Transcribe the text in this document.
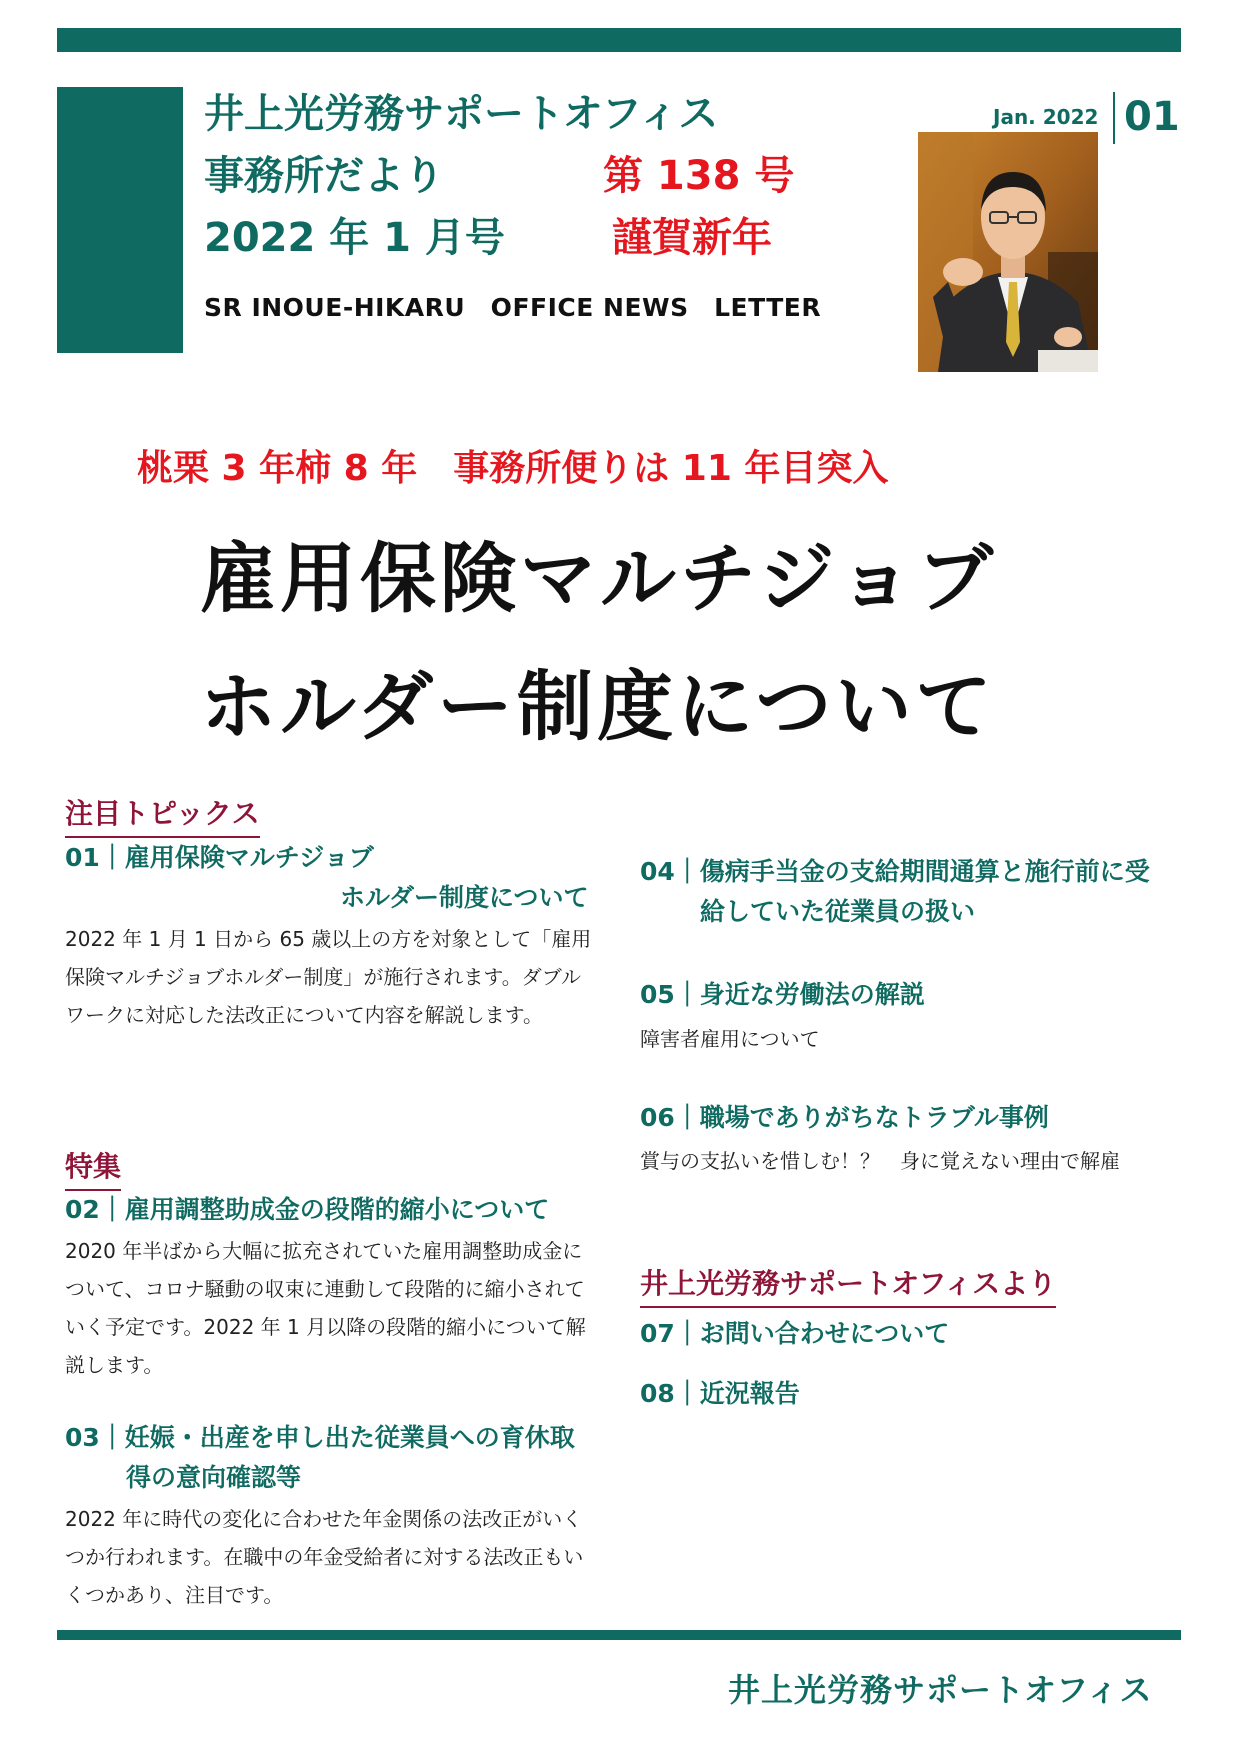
井上光労務サポートオフィス
事務所だより	第 138 号
2022 年 1 月号	謹賀新年
SR INOUE-HIKARU　OFFICE NEWS　LETTER
Jan. 2022 01
桃栗 3 年柿 8 年　事務所便りは 11 年目突入
雇用保険マルチジョブ
ホルダー制度について
注目トピックス
01｜雇用保険マルチジョブ
ホルダー制度について
2022 年 1 月 1 日から 65 歳以上の方を対象として「雇用保険マルチジョブホルダー制度」が施行されます。ダブルワークに対応した法改正について内容を解説します。
特集
02｜雇用調整助成金の段階的縮小について
2020 年半ばから大幅に拡充されていた雇用調整助成金について、コロナ騒動の収束に連動して段階的に縮小されていく予定です。2022 年 1 月以降の段階的縮小について解説します。
03｜妊娠・出産を申し出た従業員への育休取
得の意向確認等
2022 年に時代の変化に合わせた年金関係の法改正がいくつか行われます。在職中の年金受給者に対する法改正もいくつかあり、注目です。
04｜傷病手当金の支給期間通算と施行前に受
給していた従業員の扱い
05｜身近な労働法の解説
障害者雇用について
06｜職場でありがちなトラブル事例
賞与の支払いを惜しむ！？　身に覚えない理由で解雇
井上光労務サポートオフィスより
07｜お問い合わせについて
08｜近況報告
井上光労務サポートオフィス
